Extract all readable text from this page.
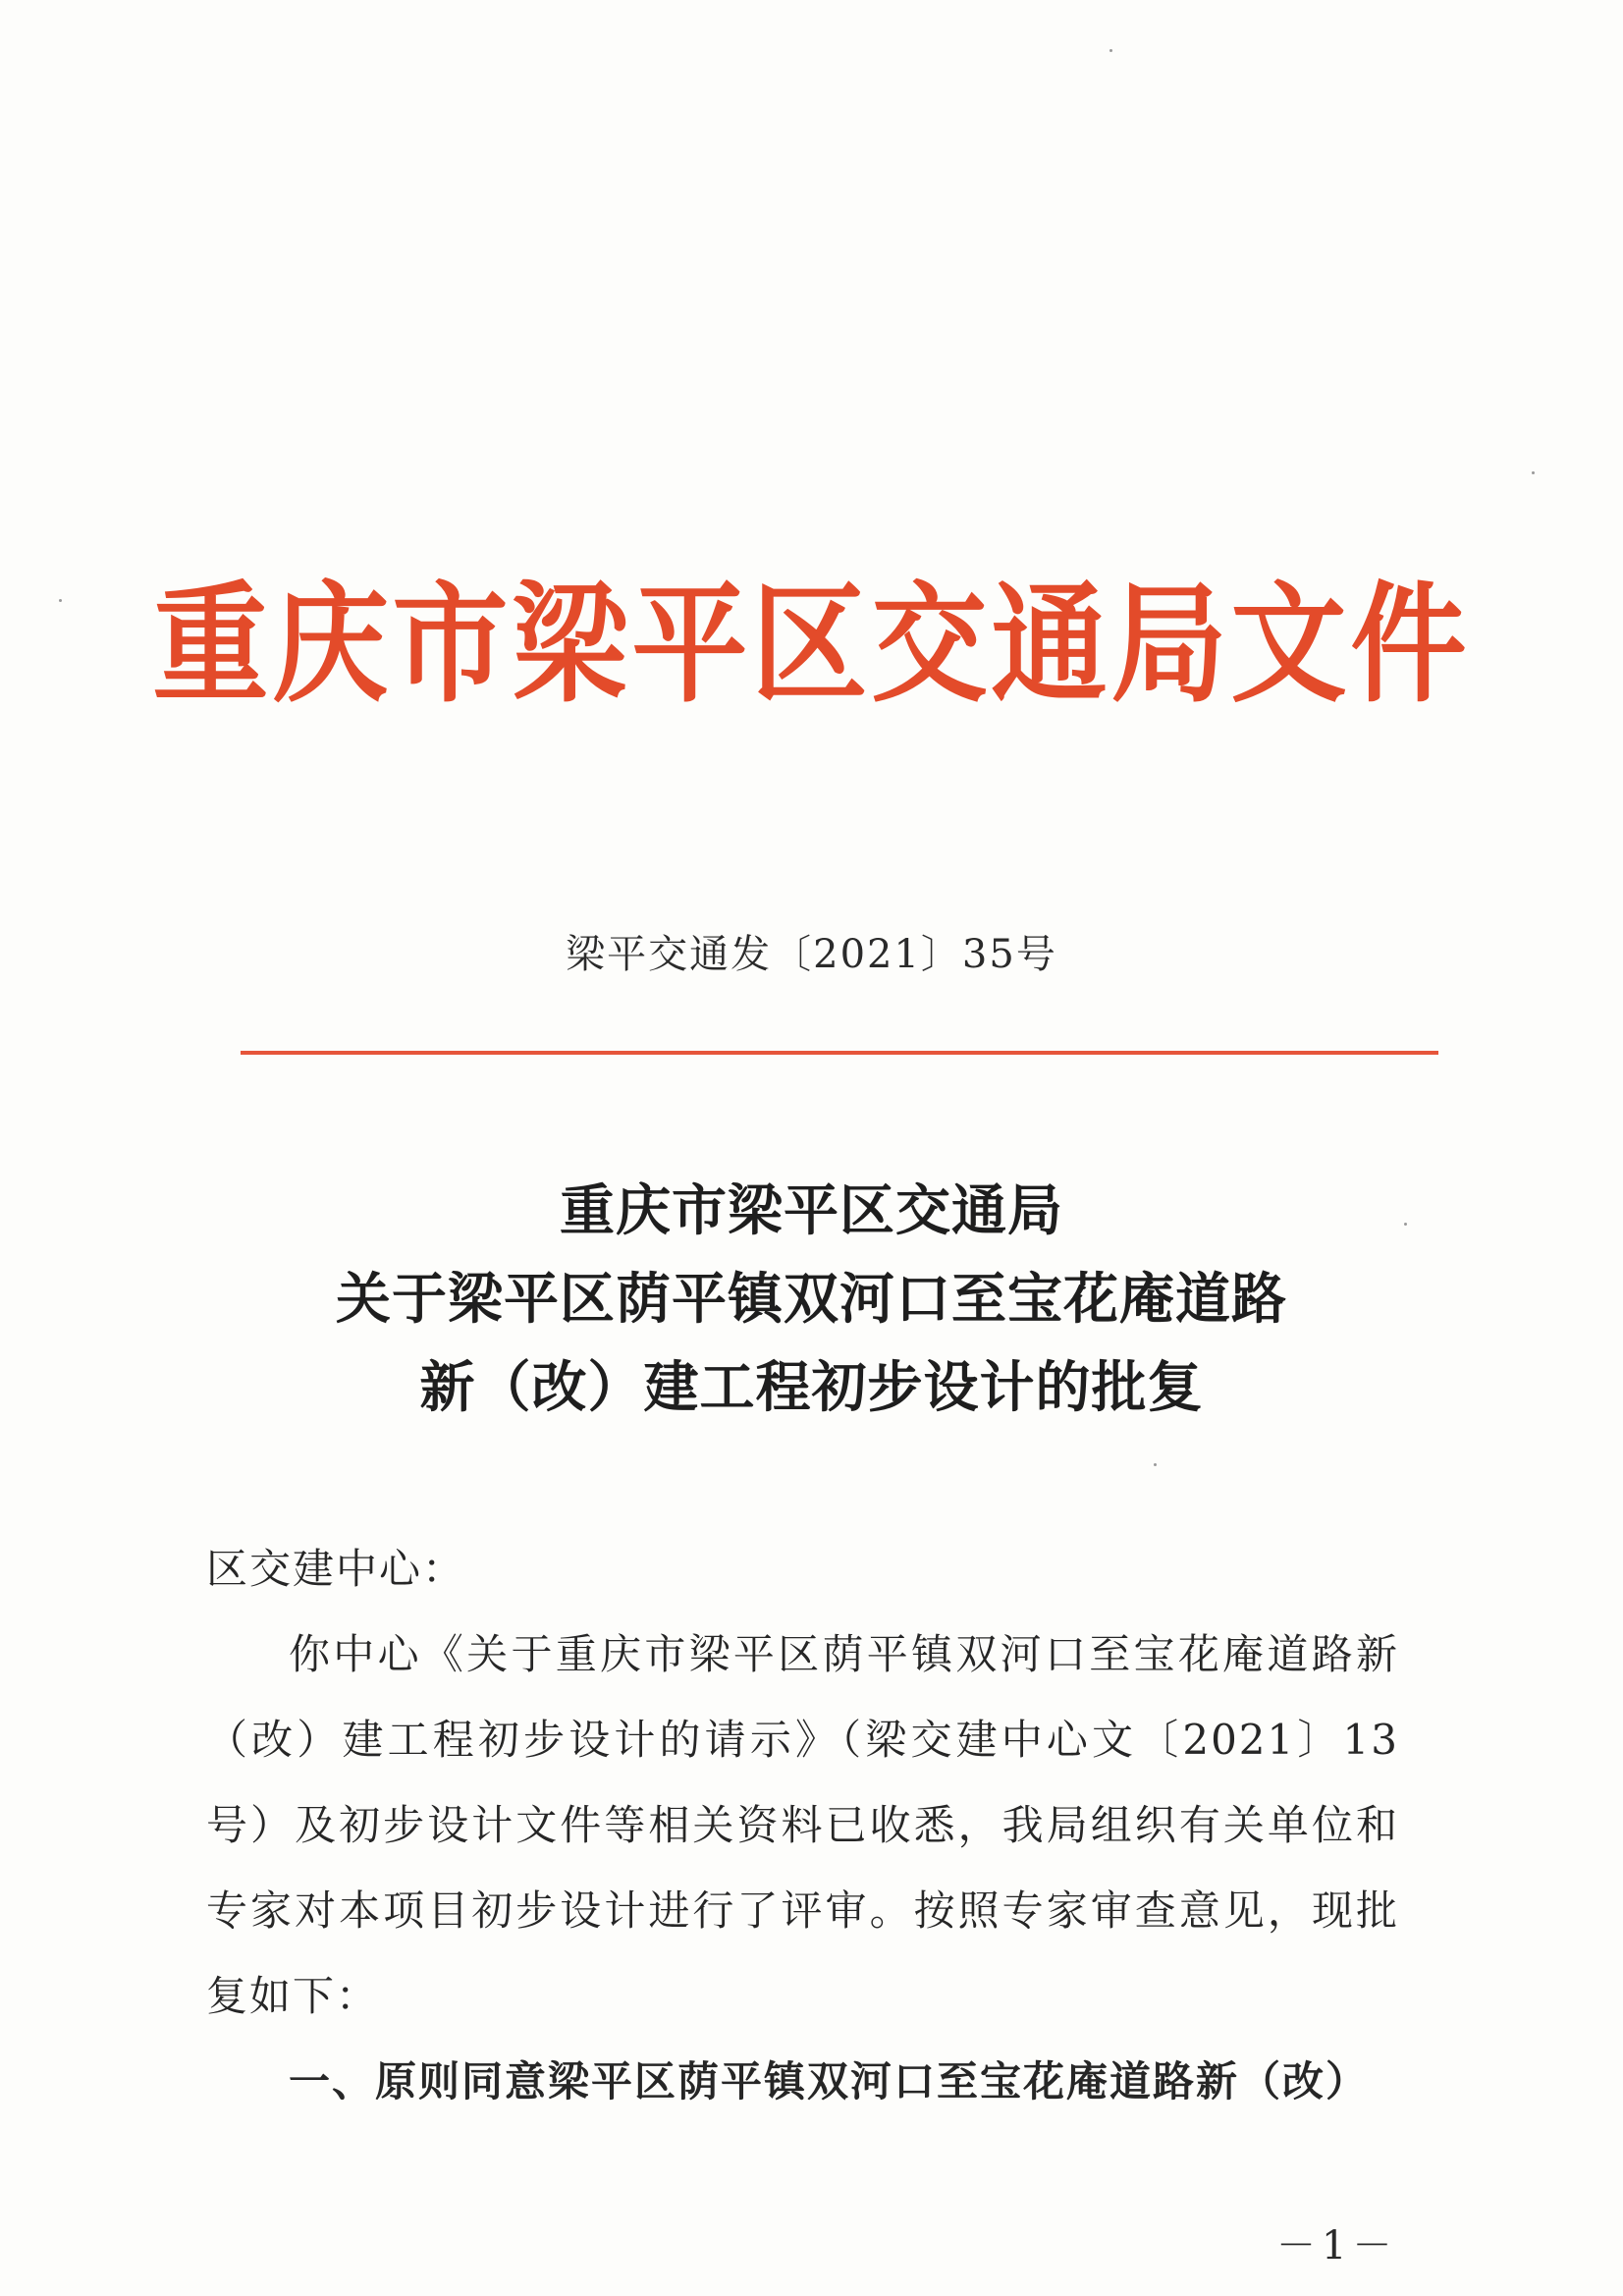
重庆市梁平区交通局文件
梁平交通发〔2021〕35号
重庆市梁平区交通局
关于梁平区荫平镇双河口至宝花庵道路
新（改）建工程初步设计的批复

区交建中心：

你中心《关于重庆市梁平区荫平镇双河口至宝花庵道路新（改）建工程初步设计的请示》（梁交建中心文〔2021〕13号）及初步设计文件等相关资料已收悉，我局组织有关单位和专家对本项目初步设计进行了评审。按照专家审查意见，现批复如下：

一、原则同意梁平区荫平镇双河口至宝花庵道路新（改）

－1－
